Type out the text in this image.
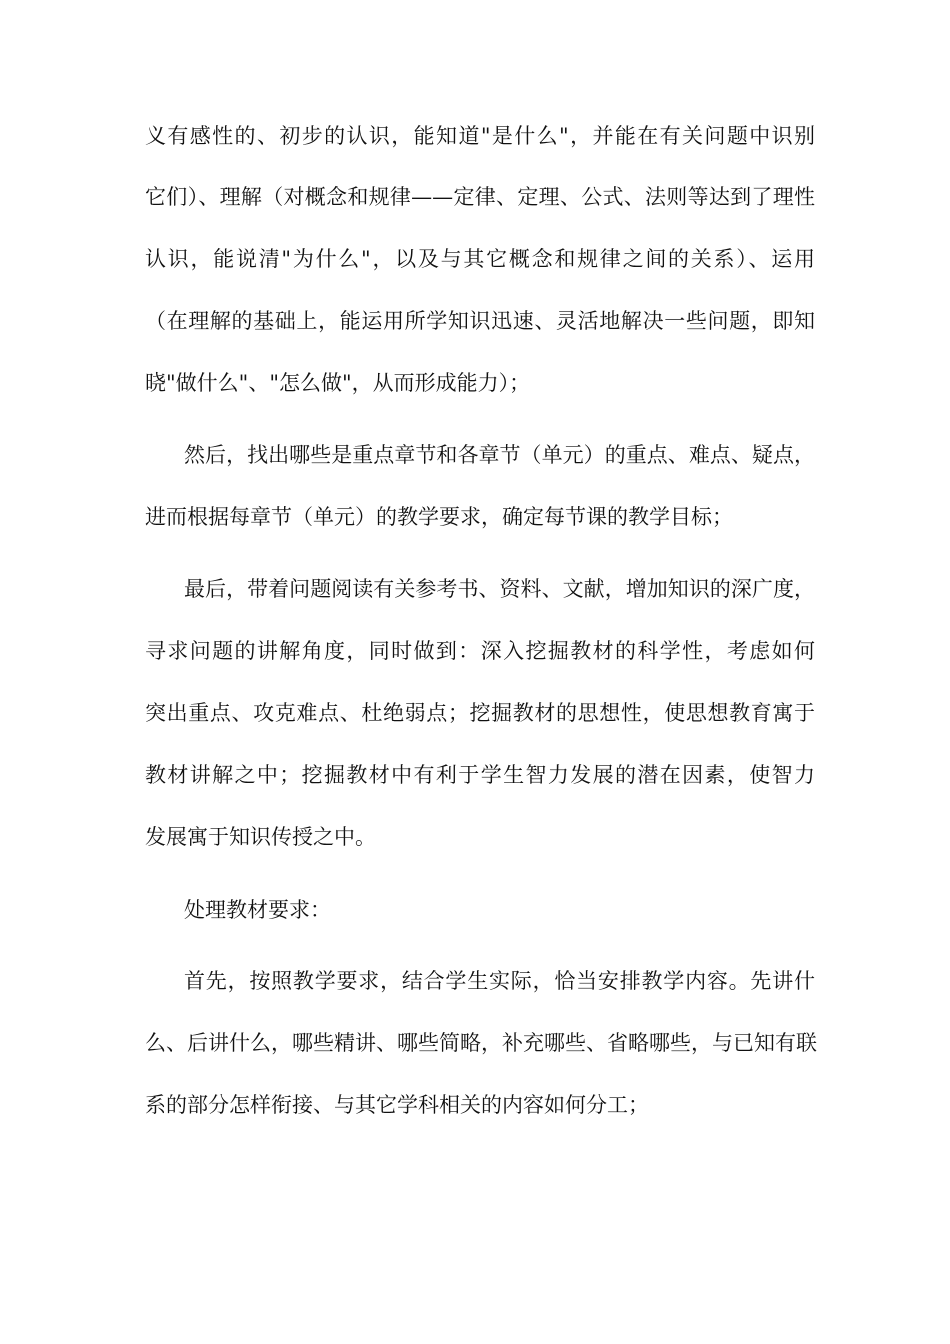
义有感性的、初步的认识，能知道"是什么"，并能在有关问题中识别
它们）、理解（对概念和规律——定律、定理、公式、法则等达到了理性
认识，能说清"为什么"，以及与其它概念和规律之间的关系）、运用
（在理解的基础上，能运用所学知识迅速、灵活地解决一些问题，即知
晓"做什么"、"怎么做"，从而形成能力）；
然后，找出哪些是重点章节和各章节（单元）的重点、难点、疑点，
进而根据每章节（单元）的教学要求，确定每节课的教学目标；
最后，带着问题阅读有关参考书、资料、文献，增加知识的深广度，
寻求问题的讲解角度，同时做到：深入挖掘教材的科学性，考虑如何
突出重点、攻克难点、杜绝弱点；挖掘教材的思想性，使思想教育寓于
教材讲解之中；挖掘教材中有利于学生智力发展的潜在因素，使智力
发展寓于知识传授之中。
处理教材要求：
首先，按照教学要求，结合学生实际，恰当安排教学内容。先讲什
么、后讲什么，哪些精讲、哪些简略，补充哪些、省略哪些，与已知有联
系的部分怎样衔接、与其它学科相关的内容如何分工；
